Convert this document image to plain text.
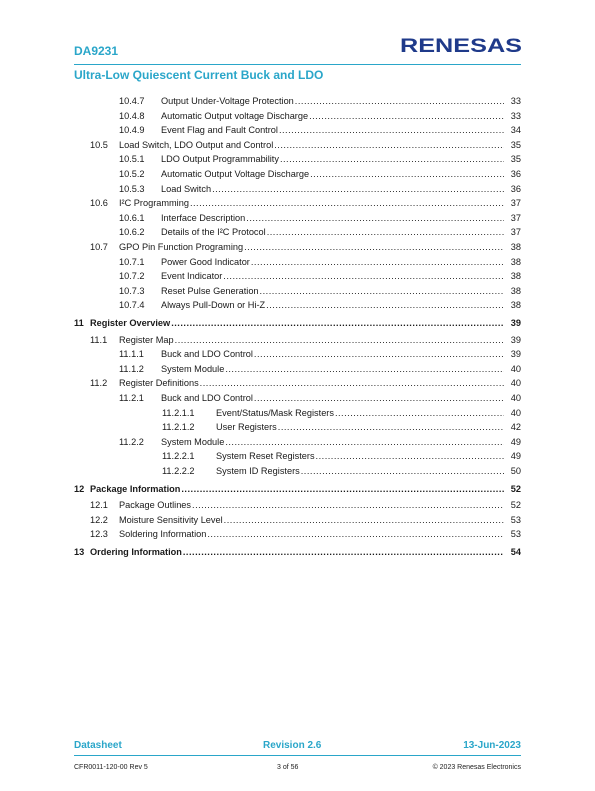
DA9231	RENESAS
Ultra-Low Quiescent Current Buck and LDO
10.4.7 Output Under-Voltage Protection .....	33
10.4.8 Automatic Output voltage Discharge .....	33
10.4.9 Event Flag and Fault Control .....	34
10.5 Load Switch, LDO Output and Control .....	35
10.5.1 LDO Output Programmability .....	35
10.5.2 Automatic Output Voltage Discharge .....	36
10.5.3 Load Switch .....	36
10.6 I²C Programming .....	37
10.6.1 Interface Description .....	37
10.6.2 Details of the I²C Protocol .....	37
10.7 GPO Pin Function Programing .....	38
10.7.1 Power Good Indicator .....	38
10.7.2 Event Indicator .....	38
10.7.3 Reset Pulse Generation .....	38
10.7.4 Always Pull-Down or Hi-Z .....	38
11 Register Overview .....	39
11.1 Register Map .....	39
11.1.1 Buck and LDO Control .....	39
11.1.2 System Module .....	40
11.2 Register Definitions .....	40
11.2.1 Buck and LDO Control .....	40
11.2.1.1 Event/Status/Mask Registers .....	40
11.2.1.2 User Registers .....	42
11.2.2 System Module .....	49
11.2.2.1 System Reset Registers .....	49
11.2.2.2 System ID Registers .....	50
12 Package Information .....	52
12.1 Package Outlines .....	52
12.2 Moisture Sensitivity Level .....	53
12.3 Soldering Information .....	53
13 Ordering Information .....	54
Datasheet	Revision 2.6	13-Jun-2023
CFR0011-120-00 Rev 5	3 of 56	© 2023 Renesas Electronics
